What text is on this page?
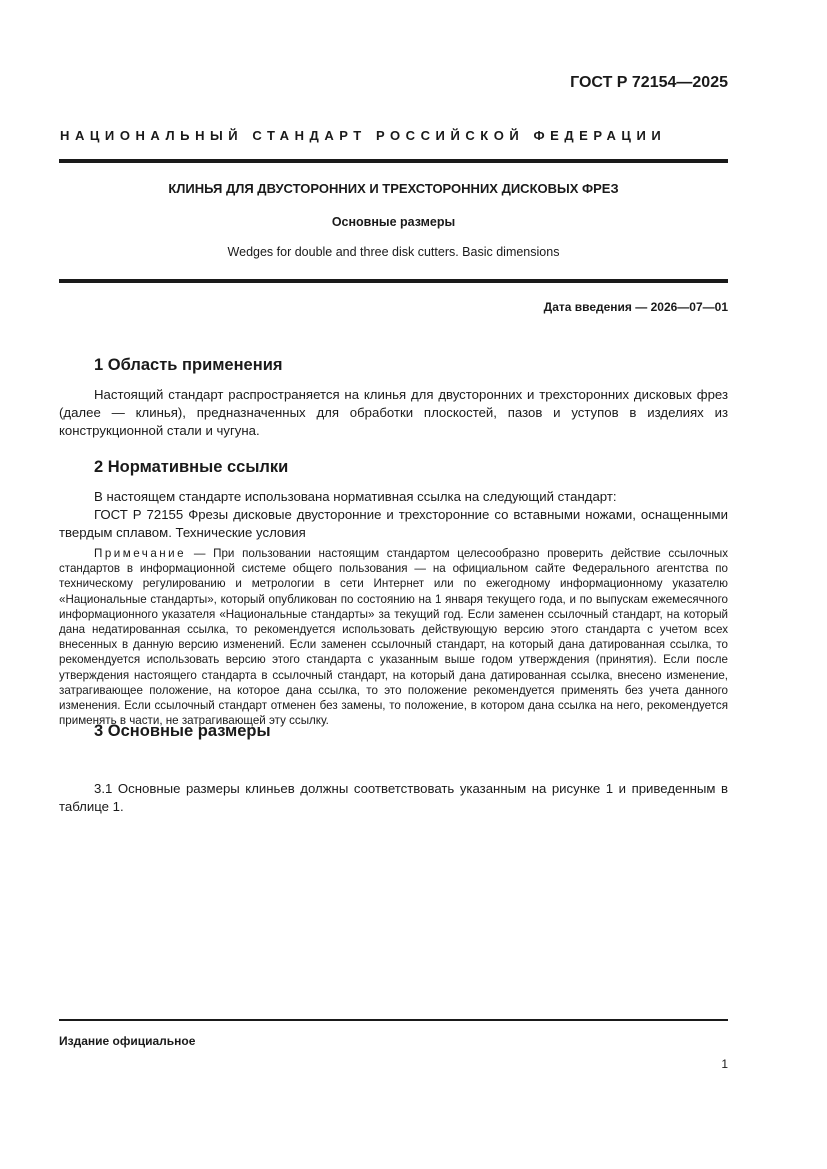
ГОСТ Р 72154—2025
НАЦИОНАЛЬНЫЙ СТАНДАРТ РОССИЙСКОЙ ФЕДЕРАЦИИ
КЛИНЬЯ ДЛЯ ДВУСТОРОННИХ И ТРЕХСТОРОННИХ ДИСКОВЫХ ФРЕЗ
Основные размеры
Wedges for double and three disk cutters. Basic dimensions
Дата введения — 2026—07—01
1 Область применения
Настоящий стандарт распространяется на клинья для двусторонних и трехсторонних дисковых фрез (далее — клинья), предназначенных для обработки плоскостей, пазов и уступов в изделиях из конструкционной стали и чугуна.
2 Нормативные ссылки
В настоящем стандарте использована нормативная ссылка на следующий стандарт:
ГОСТ Р 72155 Фрезы дисковые двусторонние и трехсторонние со вставными ножами, оснащенными твердым сплавом. Технические условия
Примечание — При пользовании настоящим стандартом целесообразно проверить действие ссылочных стандартов в информационной системе общего пользования — на официальном сайте Федерального агентства по техническому регулированию и метрологии в сети Интернет или по ежегодному информационному указателю «Национальные стандарты», который опубликован по состоянию на 1 января текущего года, и по выпускам ежемесячного информационного указателя «Национальные стандарты» за текущий год. Если заменен ссылочный стандарт, на который дана недатированная ссылка, то рекомендуется использовать действующую версию этого стандарта с учетом всех внесенных в данную версию изменений. Если заменен ссылочный стандарт, на который дана датированная ссылка, то рекомендуется использовать версию этого стандарта с указанным выше годом утверждения (принятия). Если после утверждения настоящего стандарта в ссылочный стандарт, на который дана датированная ссылка, внесено изменение, затрагивающее положение, на которое дана ссылка, то это положение рекомендуется применять без учета данного изменения. Если ссылочный стандарт отменен без замены, то положение, в котором дана ссылка на него, рекомендуется применять в части, не затрагивающей эту ссылку.
3 Основные размеры
3.1 Основные размеры клиньев должны соответствовать указанным на рисунке 1 и приведенным в таблице 1.
Издание официальное
1
